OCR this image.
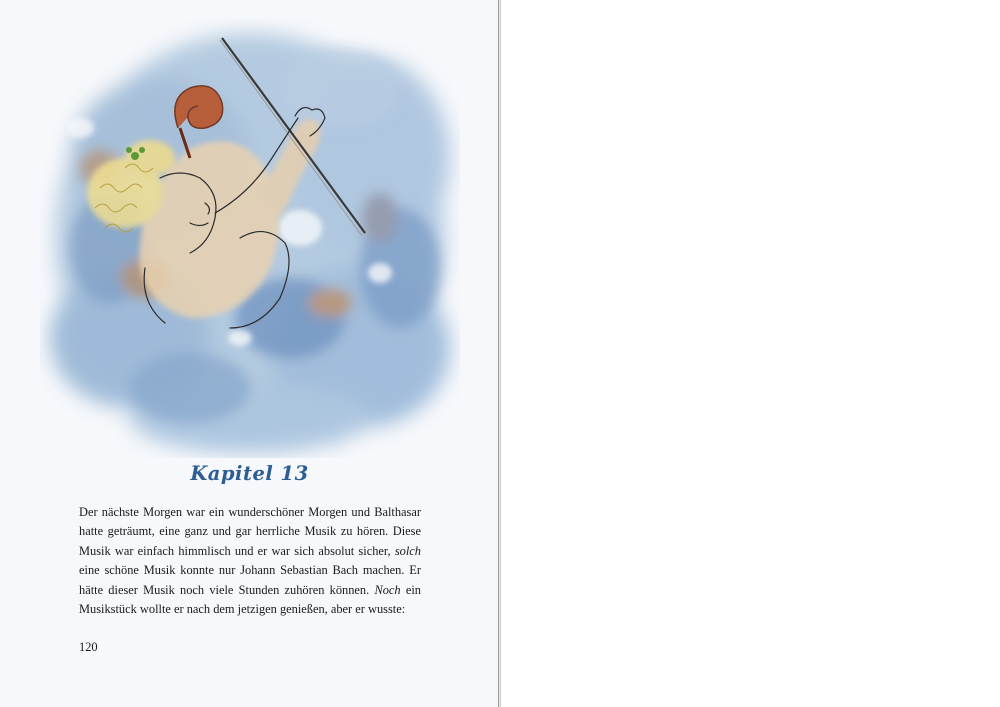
Kapitel 13
Der nächste Morgen war ein wunderschöner Morgen und Balthasar
hatte geträumt, eine ganz und gar herrliche Musik zu hören. Diese
Musik war einfach himmlisch und er war sich absolut sicher, solch
eine schöne Musik konnte nur Johann Sebastian Bach machen. Er
hätte dieser Musik noch viele Stunden zuhören können. Noch ein
Musikstück wollte er nach dem jetzigen genießen, aber er wusste:
120
